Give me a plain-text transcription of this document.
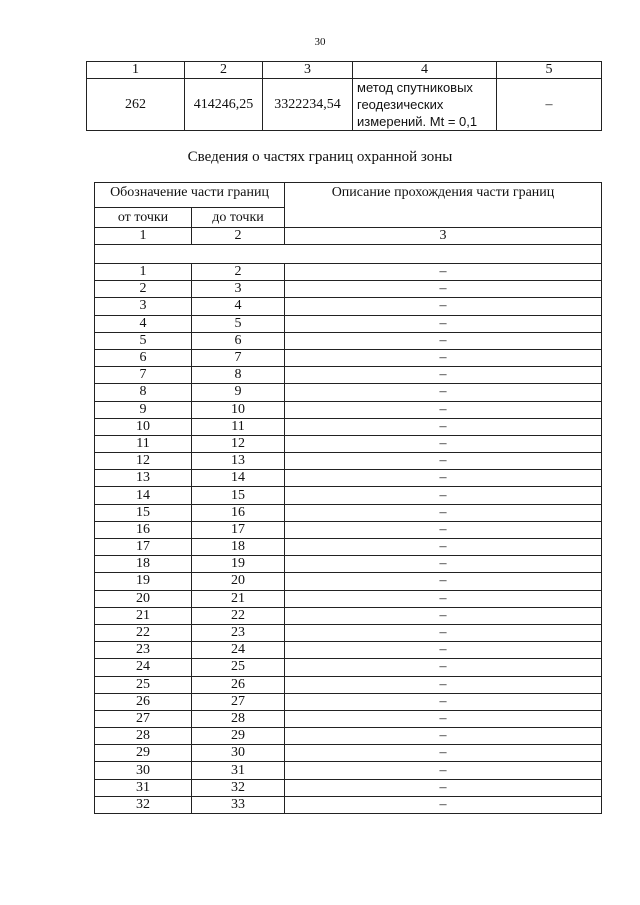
30
1	2	3	4	5
262	414246,25	3322234,54	метод спутниковых геодезических измерений. Mt = 0,1	–
Сведения о частях границ охранной зоны
Обозначение части границ		Описание прохождения части границ
от точки	до точки	
1	2	3

1	2	–
2	3	–
3	4	–
4	5	–
5	6	–
6	7	–
7	8	–
8	9	–
9	10	–
10	11	–
11	12	–
12	13	–
13	14	–
14	15	–
15	16	–
16	17	–
17	18	–
18	19	–
19	20	–
20	21	–
21	22	–
22	23	–
23	24	–
24	25	–
25	26	–
26	27	–
27	28	–
28	29	–
29	30	–
30	31	–
31	32	–
32	33	–
